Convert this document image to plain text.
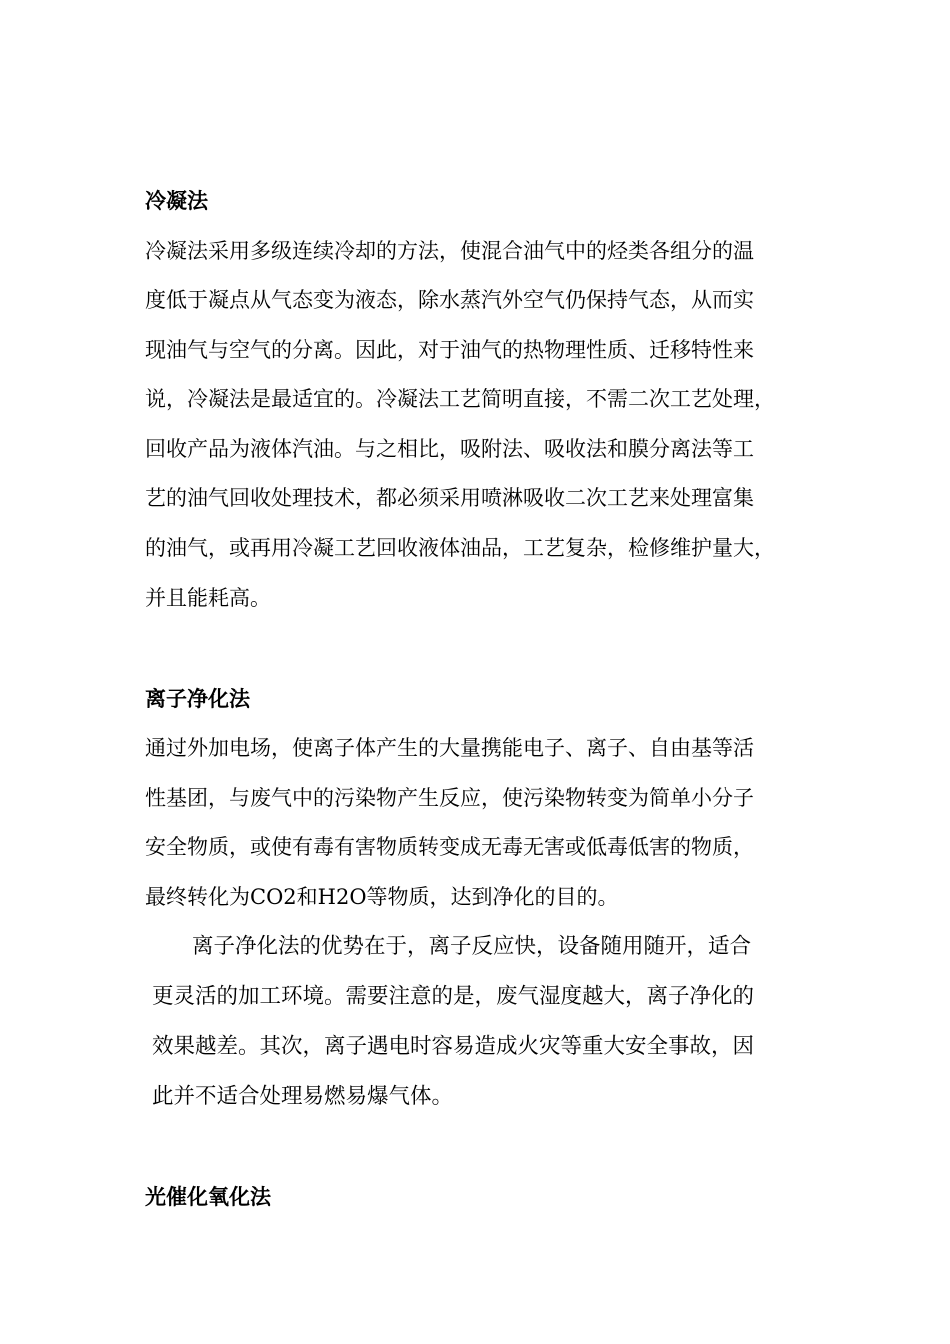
冷凝法

冷凝法采用多级连续冷却的方法，使混合油气中的烃类各组分的温

度低于凝点从气态变为液态，除水蒸汽外空气仍保持气态，从而实

现油气与空气的分离。因此，对于油气的热物理性质、迁移特性来

说，冷凝法是最适宜的。冷凝法工艺简明直接，不需二次工艺处理，

回收产品为液体汽油。与之相比，吸附法、吸收法和膜分离法等工

艺的油气回收处理技术，都必须采用喷淋吸收二次工艺来处理富集

的油气，或再用冷凝工艺回收液体油品，工艺复杂，检修维护量大，

并且能耗高。

离子净化法

通过外加电场，使离子体产生的大量携能电子、离子、自由基等活

性基团，与废气中的污染物产生反应，使污染物转变为简单小分子

安全物质，或使有毒有害物质转变成无毒无害或低毒低害的物质，

最终转化为CO2和H2O等物质，达到净化的目的。

离子净化法的优势在于，离子反应快，设备随用随开，适合

更灵活的加工环境。需要注意的是，废气湿度越大，离子净化的

效果越差。其次，离子遇电时容易造成火灾等重大安全事故，因

此并不适合处理易燃易爆气体。

光催化氧化法
